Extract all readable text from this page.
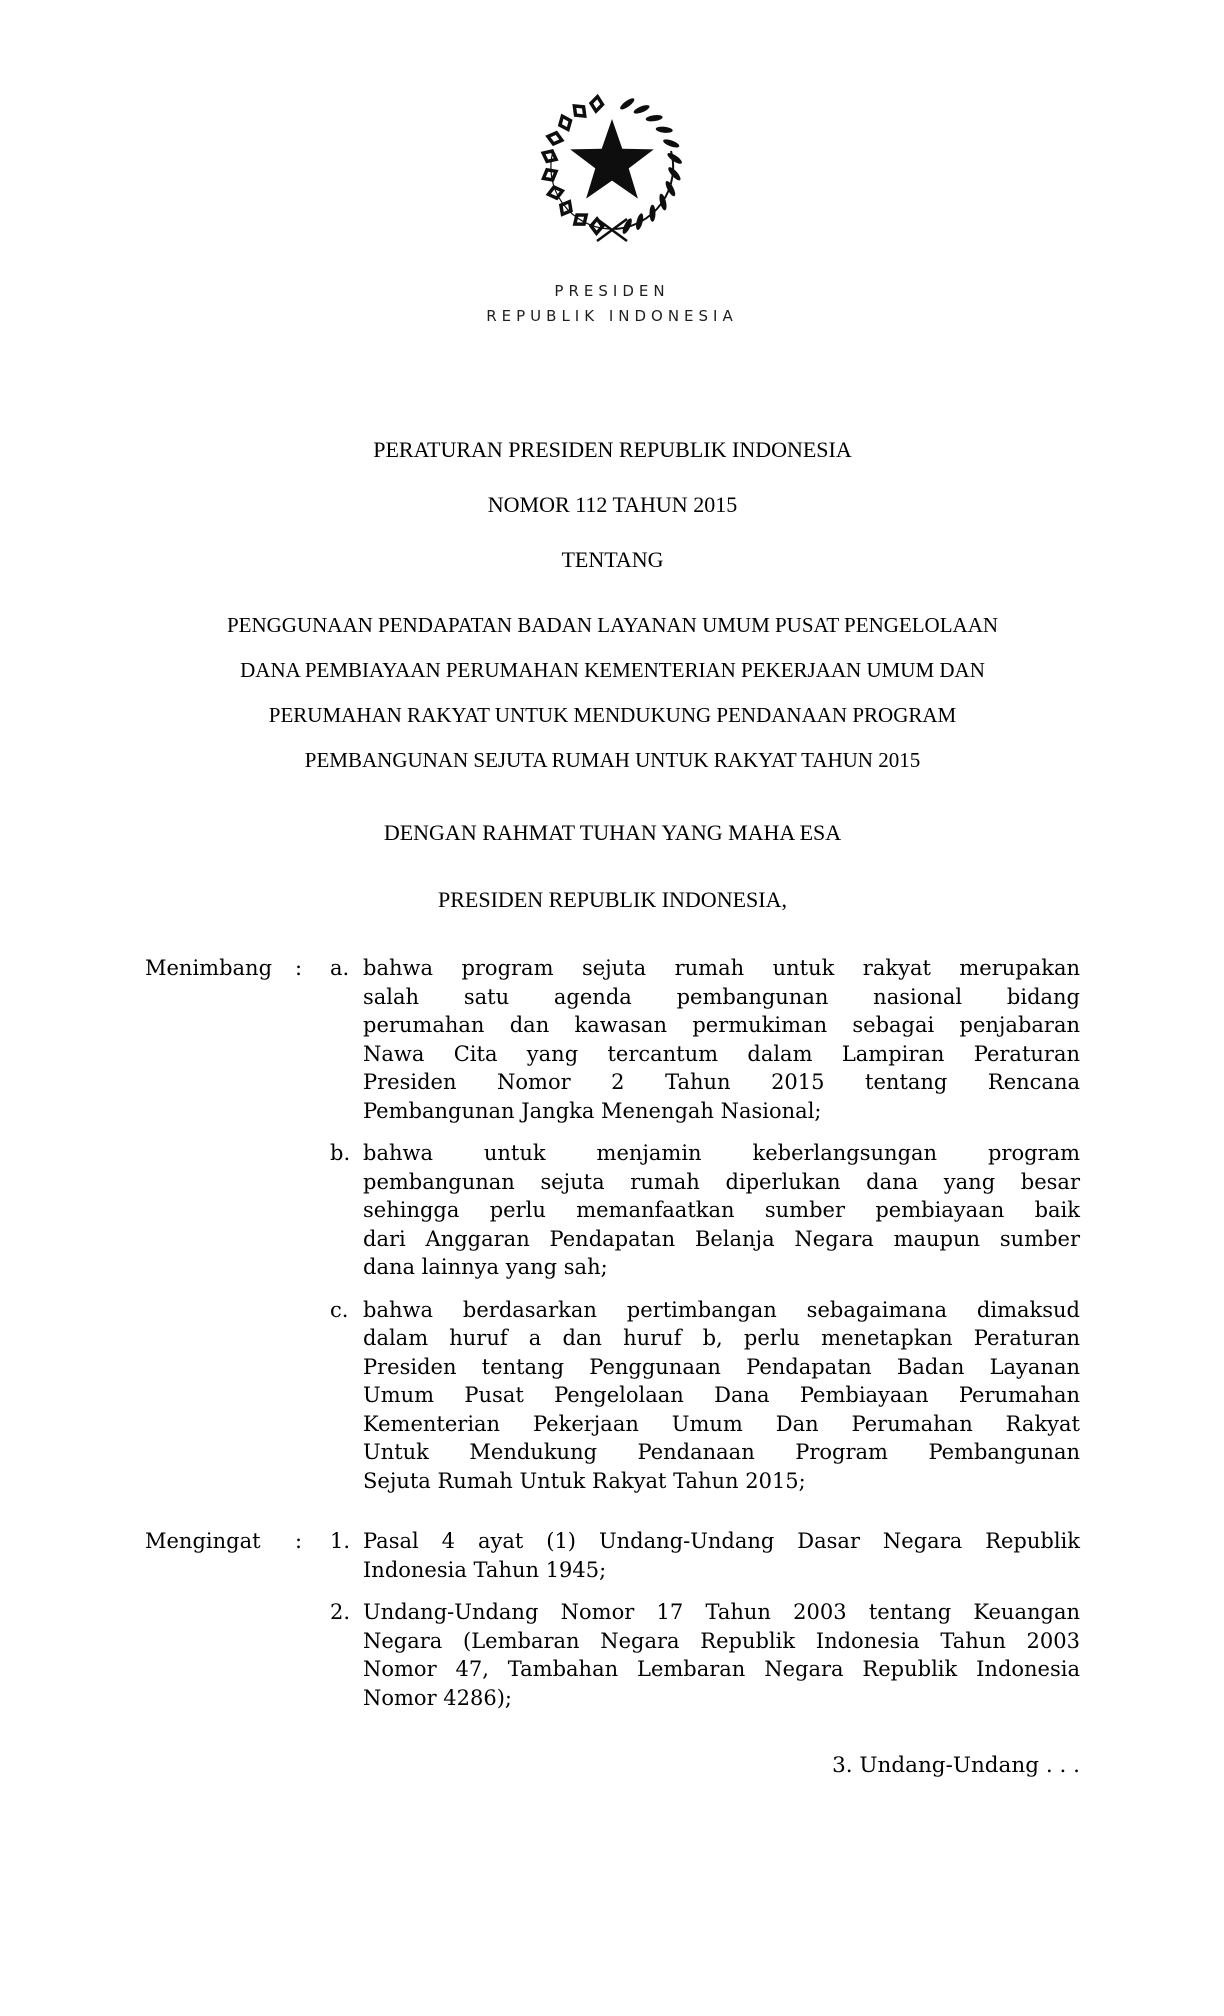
PRESIDEN
REPUBLIK INDONESIA
PERATURAN PRESIDEN REPUBLIK INDONESIA
NOMOR 112 TAHUN 2015
TENTANG
PENGGUNAAN PENDAPATAN BADAN LAYANAN UMUM PUSAT PENGELOLAAN
DANA PEMBIAYAAN PERUMAHAN KEMENTERIAN PEKERJAAN UMUM DAN
PERUMAHAN RAKYAT UNTUK MENDUKUNG PENDANAAN PROGRAM
PEMBANGUNAN SEJUTA RUMAH UNTUK RAKYAT TAHUN 2015
DENGAN RAHMAT TUHAN YANG MAHA ESA
PRESIDEN REPUBLIK INDONESIA,
Menimbang	:	a. bahwa program sejuta rumah untuk rakyat merupakan
salah satu agenda pembangunan nasional bidang
perumahan dan kawasan permukiman sebagai penjabaran
Nawa Cita yang tercantum dalam Lampiran Peraturan
Presiden Nomor 2 Tahun 2015 tentang Rencana
Pembangunan Jangka Menengah Nasional;
b. bahwa untuk menjamin keberlangsungan program
pembangunan sejuta rumah diperlukan dana yang besar
sehingga perlu memanfaatkan sumber pembiayaan baik
dari Anggaran Pendapatan Belanja Negara maupun sumber
dana lainnya yang sah;
c. bahwa berdasarkan pertimbangan sebagaimana dimaksud
dalam huruf a dan huruf b, perlu menetapkan Peraturan
Presiden tentang Penggunaan Pendapatan Badan Layanan
Umum Pusat Pengelolaan Dana Pembiayaan Perumahan
Kementerian Pekerjaan Umum Dan Perumahan Rakyat
Untuk Mendukung Pendanaan Program Pembangunan
Sejuta Rumah Untuk Rakyat Tahun 2015;
Mengingat	:	1. Pasal 4 ayat (1) Undang-Undang Dasar Negara Republik
Indonesia Tahun 1945;
2. Undang-Undang Nomor 17 Tahun 2003 tentang Keuangan
Negara (Lembaran Negara Republik Indonesia Tahun 2003
Nomor 47, Tambahan Lembaran Negara Republik Indonesia
Nomor 4286);
3. Undang-Undang . . .
